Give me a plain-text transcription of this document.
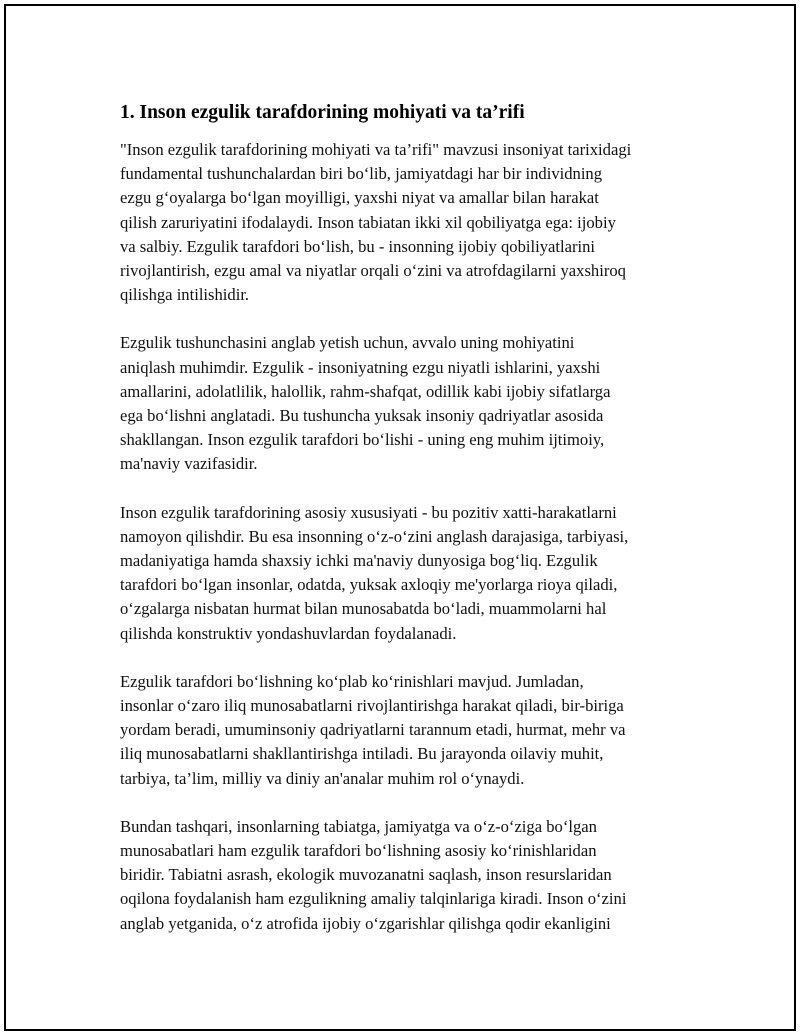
1. Inson ezgulik tarafdorining mohiyati va ta’rifi

"Inson ezgulik tarafdorining mohiyati va ta’rifi" mavzusi insoniyat tarixidagi
fundamental tushunchalardan biri bo‘lib, jamiyatdagi har bir individning
ezgu g‘oyalarga bo‘lgan moyilligi, yaxshi niyat va amallar bilan harakat
qilish zaruriyatini ifodalaydi. Inson tabiatan ikki xil qobiliyatga ega: ijobiy
va salbiy. Ezgulik tarafdori bo‘lish, bu - insonning ijobiy qobiliyatlarini
rivojlantirish, ezgu amal va niyatlar orqali o‘zini va atrofdagilarni yaxshiroq
qilishga intilishidir.

Ezgulik tushunchasini anglab yetish uchun, avvalo uning mohiyatini
aniqlash muhimdir. Ezgulik - insoniyatning ezgu niyatli ishlarini, yaxshi
amallarini, adolatlilik, halollik, rahm-shafqat, odillik kabi ijobiy sifatlarga
ega bo‘lishni anglatadi. Bu tushuncha yuksak insoniy qadriyatlar asosida
shakllangan. Inson ezgulik tarafdori bo‘lishi - uning eng muhim ijtimoiy,
ma'naviy vazifasidir.

Inson ezgulik tarafdorining asosiy xususiyati - bu pozitiv xatti-harakatlarni
namoyon qilishdir. Bu esa insonning o‘z-o‘zini anglash darajasiga, tarbiyasi,
madaniyatiga hamda shaxsiy ichki ma'naviy dunyosiga bog‘liq. Ezgulik
tarafdori bo‘lgan insonlar, odatda, yuksak axloqiy me'yorlarga rioya qiladi,
o‘zgalarga nisbatan hurmat bilan munosabatda bo‘ladi, muammolarni hal
qilishda konstruktiv yondashuvlardan foydalanadi.

Ezgulik tarafdori bo‘lishning ko‘plab ko‘rinishlari mavjud. Jumladan,
insonlar o‘zaro iliq munosabatlarni rivojlantirishga harakat qiladi, bir-biriga
yordam beradi, umuminsoniy qadriyatlarni tarannum etadi, hurmat, mehr va
iliq munosabatlarni shakllantirishga intiladi. Bu jarayonda oilaviy muhit,
tarbiya, ta’lim, milliy va diniy an'analar muhim rol o‘ynaydi.

Bundan tashqari, insonlarning tabiatga, jamiyatga va o‘z-o‘ziga bo‘lgan
munosabatlari ham ezgulik tarafdori bo‘lishning asosiy ko‘rinishlaridan
biridir. Tabiatni asrash, ekologik muvozanatni saqlash, inson resurslaridan
oqilona foydalanish ham ezgulikning amaliy talqinlariga kiradi. Inson o‘zini
anglab yetganida, o‘z atrofida ijobiy o‘zgarishlar qilishga qodir ekanligini
